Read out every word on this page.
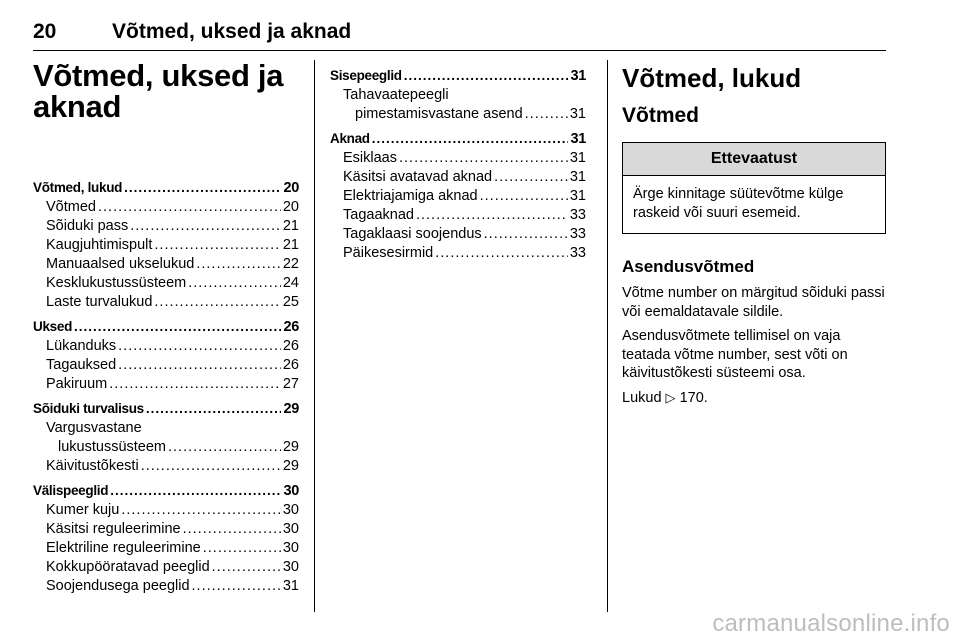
20	Võtmed, uksed ja aknad
Võtmed, uksed ja
aknad
Võtmed, lukud .....	20
Võtmed .....	20
Sõiduki pass .....	21
Kaugjuhtimispult .....	21
Manuaalsed ukselukud .....	22
Kesklukustussüsteem .....	24
Laste turvalukud .....	25
Uksed .....	26
Lükanduks .....	26
Tagauksed .....	26
Pakiruum .....	27
Sõiduki turvalisus .....	29
Vargusvastane
lukustussüsteem .....	29
Käivitustõkesti .....	29
Välispeeglid .....	30
Kumer kuju .....	30
Käsitsi reguleerimine .....	30
Elektriline reguleerimine .....	30
Kokkupööratavad peeglid .....	30
Soojendusega peeglid .....	31
Sisepeeglid .....	31
Tahavaatepeegli
pimestamisvastane asend .....	31
Aknad .....	31
Esiklaas .....	31
Käsitsi avatavad aknad .....	31
Elektriajamiga aknad .....	31
Tagaaknad .....	33
Tagaklaasi soojendus .....	33
Päikesesirmid .....	33
Võtmed, lukud
Võtmed
Ettevaatust
Ärge kinnitage süütevõtme külge raskeid või suuri esemeid.
Asendusvõtmed
Võtme number on märgitud sõiduki passi või eemaldatavale sildile.
Asendusvõtmete tellimisel on vaja teatada võtme number, sest võti on käivitustõkesti süsteemi osa.
Lukud ▷ 170.
carmanualsonline.info
